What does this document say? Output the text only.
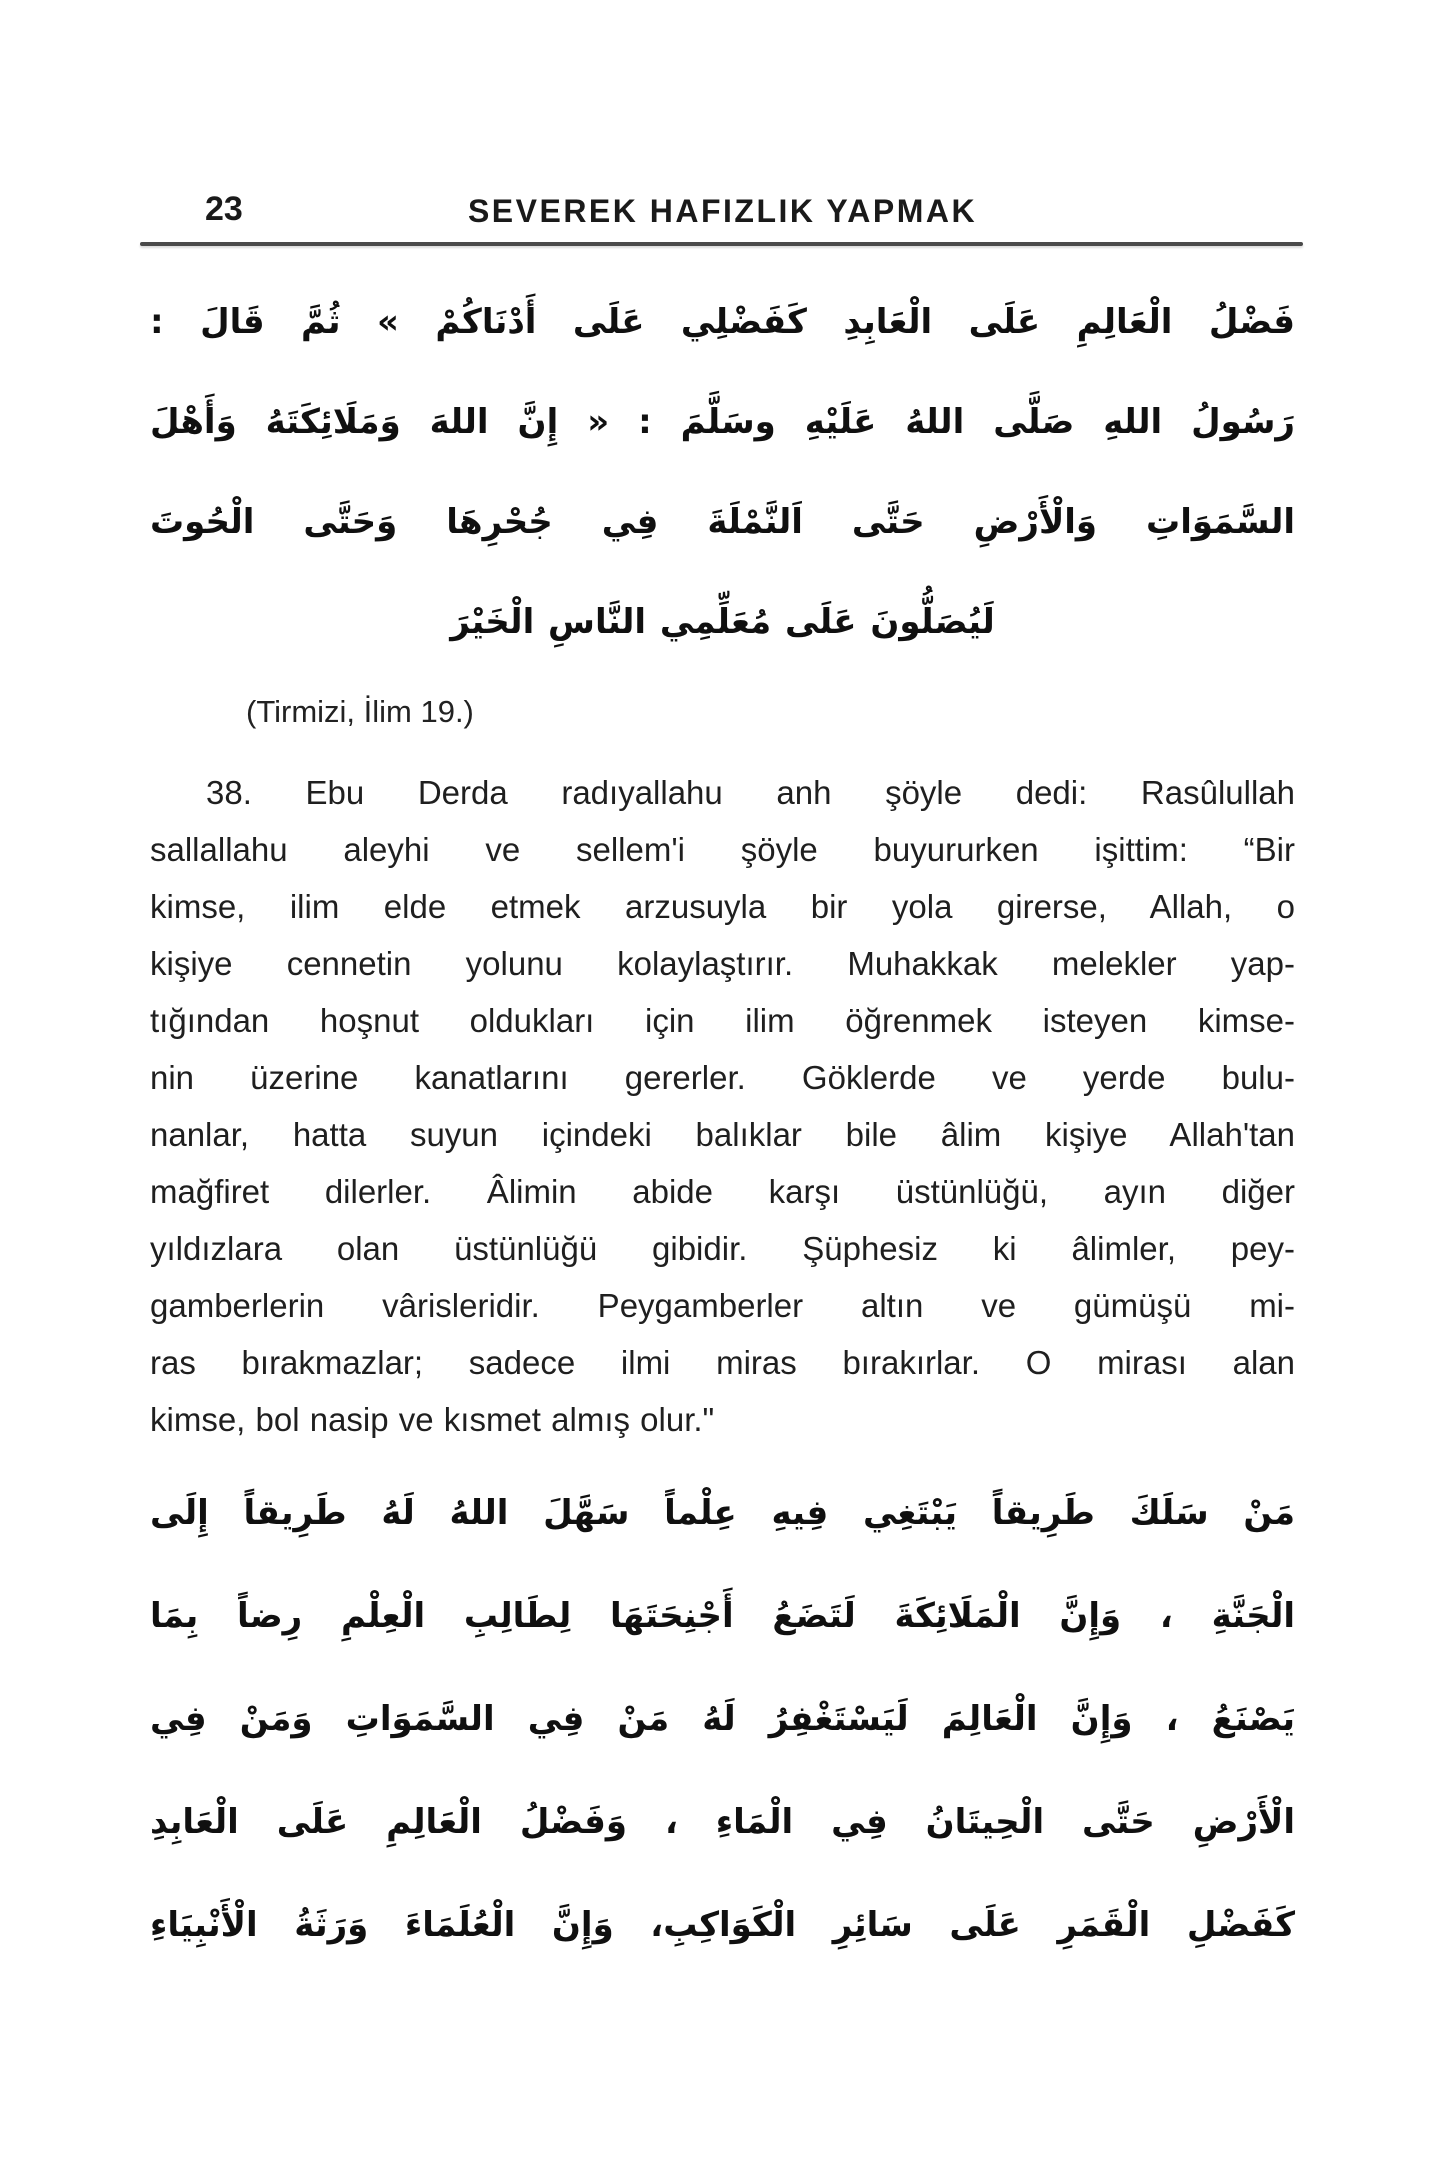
23	SEVEREK HAFIZLIK YAPMAK
فَضْلُ الْعَالِمِ عَلَى الْعَابِدِ كَفَضْلِي عَلَى أَدْنَاكُمْ » ثُمَّ قَالَ :
رَسُولُ اللهِ صَلَّى اللهُ عَلَيْهِ وسَلَّمَ : « إِنَّ اللهَ وَمَلَائِكَتَهُ وَأَهْلَ
السَّمَوَاتِ وَالْأَرْضِ حَتَّى اَلنَّمْلَةَ فِي جُحْرِهَا وَحَتَّى الْحُوتَ
لَيُصَلُّونَ عَلَى مُعَلِّمِي النَّاسِ الْخَيْرَ
(Tirmizi, İlim 19.)
38. Ebu Derda radıyallahu anh şöyle dedi: Rasûlullah
sallallahu aleyhi ve sellem'i şöyle buyururken işittim: “Bir
kimse, ilim elde etmek arzusuyla bir yola girerse, Allah, o
kişiye cennetin yolunu kolaylaştırır. Muhakkak melekler yap-
tığından hoşnut oldukları için ilim öğrenmek isteyen kimse-
nin üzerine kanatlarını gererler. Göklerde ve yerde bulu-
nanlar, hatta suyun içindeki balıklar bile âlim kişiye Allah'tan
mağfiret dilerler. Âlimin abide karşı üstünlüğü, ayın diğer
yıldızlara olan üstünlüğü gibidir. Şüphesiz ki âlimler, pey-
gamberlerin vârisleridir. Peygamberler altın ve gümüşü mi-
ras bırakmazlar; sadece ilmi miras bırakırlar. O mirası alan
kimse, bol nasip ve kısmet almış olur."
مَنْ سَلَكَ طَرِيقاً يَبْتَغِي فِيهِ عِلْماً سَهَّلَ اللهُ لَهُ طَرِيقاً إِلَى
الْجَنَّةِ ، وَإِنَّ الْمَلَائِكَةَ لَتَضَعُ أَجْنِحَتَهَا لِطَالِبِ الْعِلْمِ رِضاً بِمَا
يَصْنَعُ ، وَإِنَّ الْعَالِمَ لَيَسْتَغْفِرُ لَهُ مَنْ فِي السَّمَوَاتِ وَمَنْ فِي
الْأَرْضِ حَتَّى الْحِيتَانُ فِي الْمَاءِ ، وَفَضْلُ الْعَالِمِ عَلَى الْعَابِدِ
كَفَضْلِ الْقَمَرِ عَلَى سَائِرِ الْكَوَاكِبِ، وَإِنَّ الْعُلَمَاءَ وَرَثَةُ الْأَنْبِيَاءِ
